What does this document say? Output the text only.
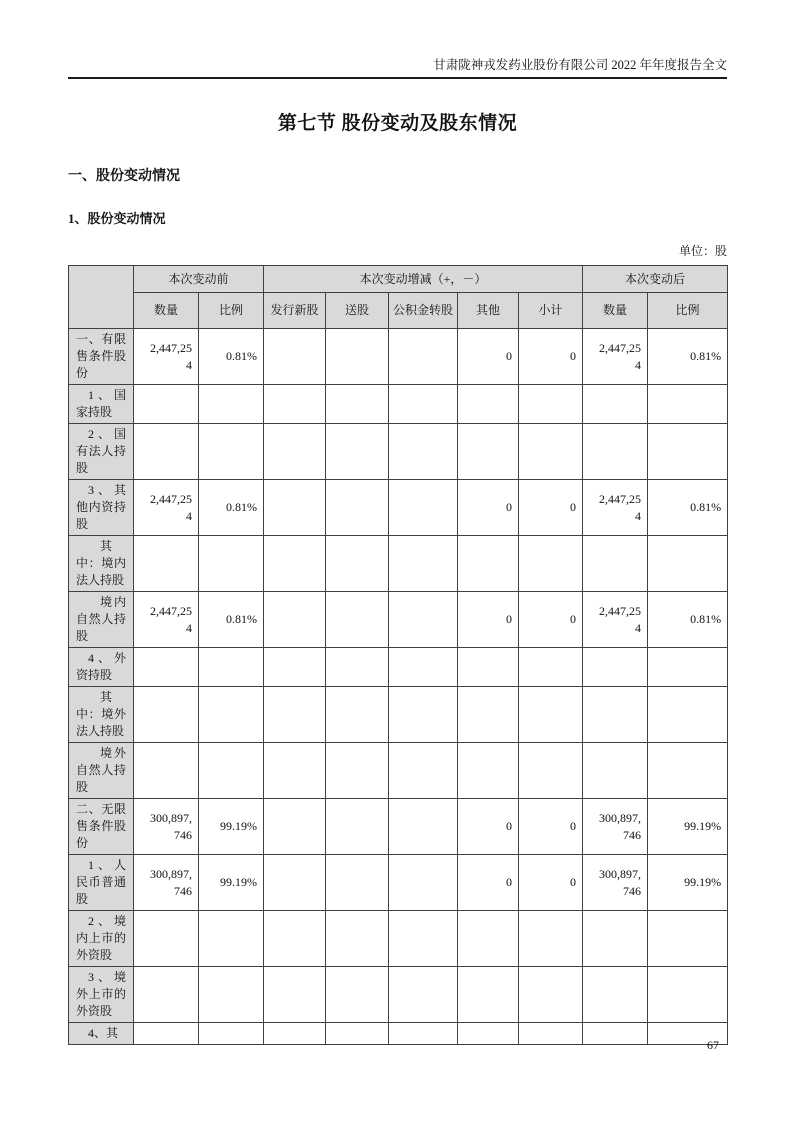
甘肃陇神戎发药业股份有限公司 2022 年年度报告全文
第七节 股份变动及股东情况
一、股份变动情况
1、股份变动情况
单位：股
	本次变动前		本次变动增减（+，－）					本次变动后	
	数量	比例	发行新股	送股	公积金转股	其他	小计	数量	比例
一、有限售条件股份	2,447,254	0.81%				0	0	2,447,254	0.81%
1、国家持股									
2、国有法人持股									
3、其他内资持股	2,447,254	0.81%				0	0	2,447,254	0.81%
其中：境内法人持股									
境内自然人持股	2,447,254	0.81%				0	0	2,447,254	0.81%
4、外资持股									
其中：境外法人持股									
境外自然人持股									
二、无限售条件股份	300,897,746	99.19%				0	0	300,897,746	99.19%
1、人民币普通股	300,897,746	99.19%				0	0	300,897,746	99.19%
2、境内上市的外资股									
3、境外上市的外资股									
4、其									
67
